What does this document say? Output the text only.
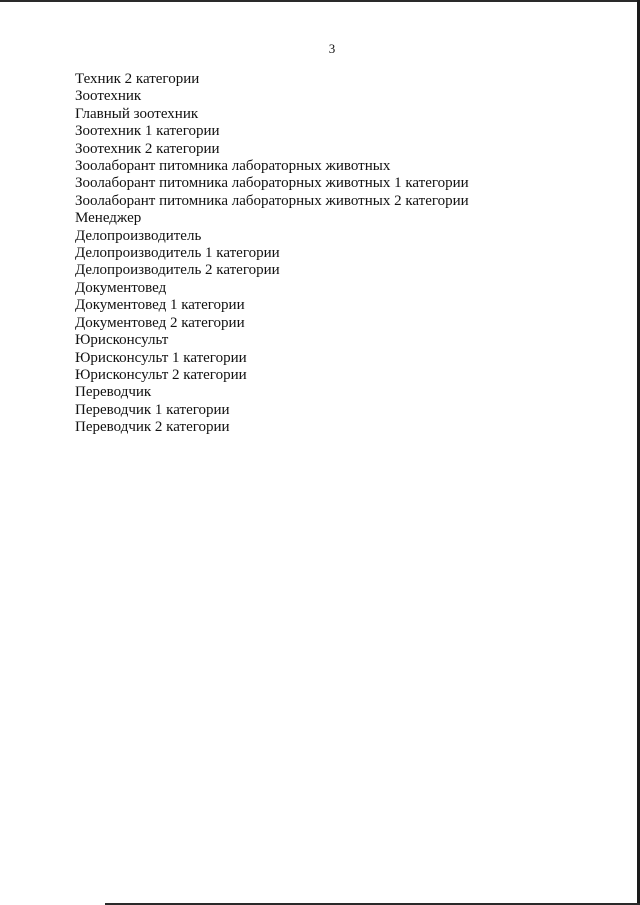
3
Техник 2 категории
Зоотехник
Главный зоотехник
Зоотехник 1 категории
Зоотехник 2 категории
Зоолаборант питомника лабораторных животных
Зоолаборант питомника лабораторных животных 1 категории
Зоолаборант питомника лабораторных животных 2 категории
Менеджер
Делопроизводитель
Делопроизводитель 1 категории
Делопроизводитель 2 категории
Документовед
Документовед 1 категории
Документовед 2 категории
Юрисконсульт
Юрисконсульт 1 категории
Юрисконсульт 2 категории
Переводчик
Переводчик 1 категории
Переводчик 2 категории
